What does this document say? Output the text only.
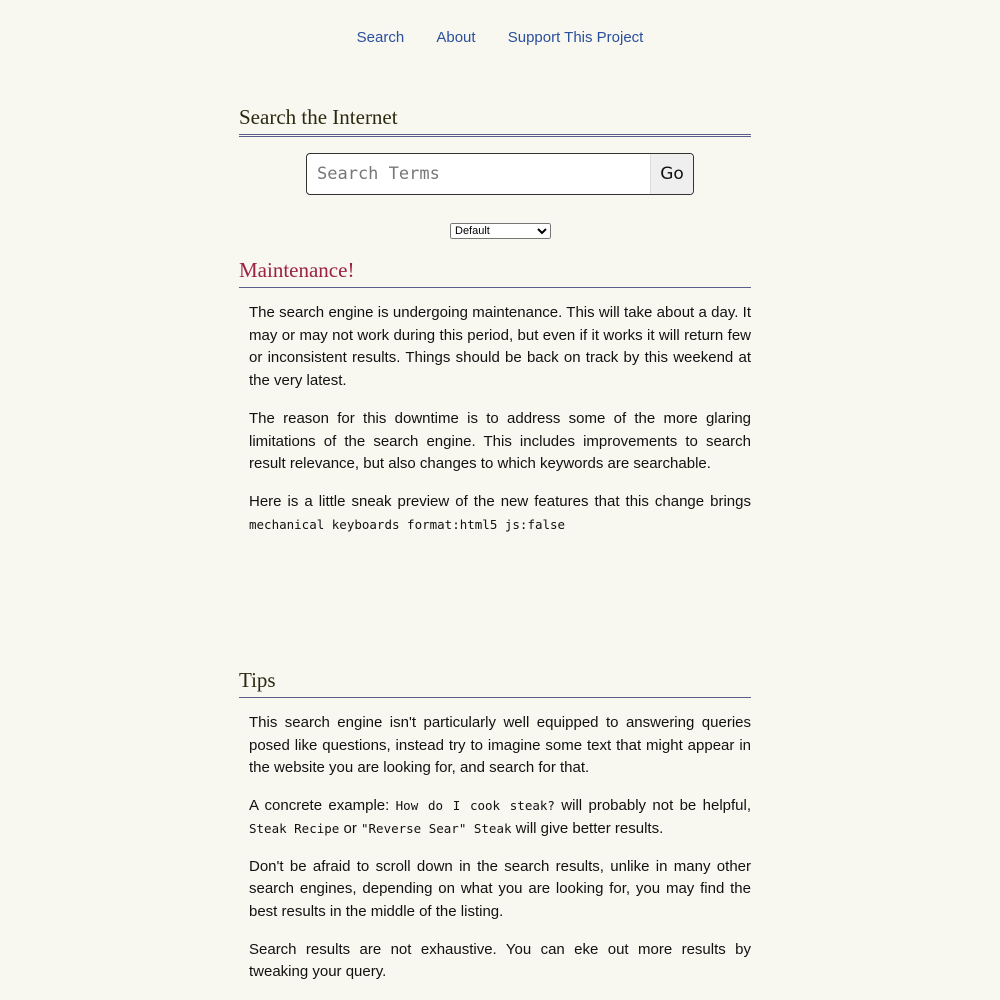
Search About Support This Project
Search the Internet
Search Terms
Go
Default
Maintenance!

The search engine is undergoing maintenance. This will take about a day. It may or may not work during this period, but even if it works it will return few or inconsistent results. Things should be back on track by this weekend at the very latest.

The reason for this downtime is to address some of the more glaring limitations of the search engine. This includes improvements to search result relevance, but also changes to which keywords are searchable.

Here is a little sneak preview of the new features that this change brings mechanical keyboards format:html5 js:false

Tips

This search engine isn't particularly well equipped to answering queries posed like questions, instead try to imagine some text that might appear in the website you are looking for, and search for that.

A concrete example: How do I cook steak? will probably not be helpful, Steak Recipe or "Reverse Sear" Steak will give better results.

Don't be afraid to scroll down in the search results, unlike in many other search engines, depending on what you are looking for, you may find the best results in the middle of the listing.

Search results are not exhaustive. You can eke out more results by tweaking your query.
